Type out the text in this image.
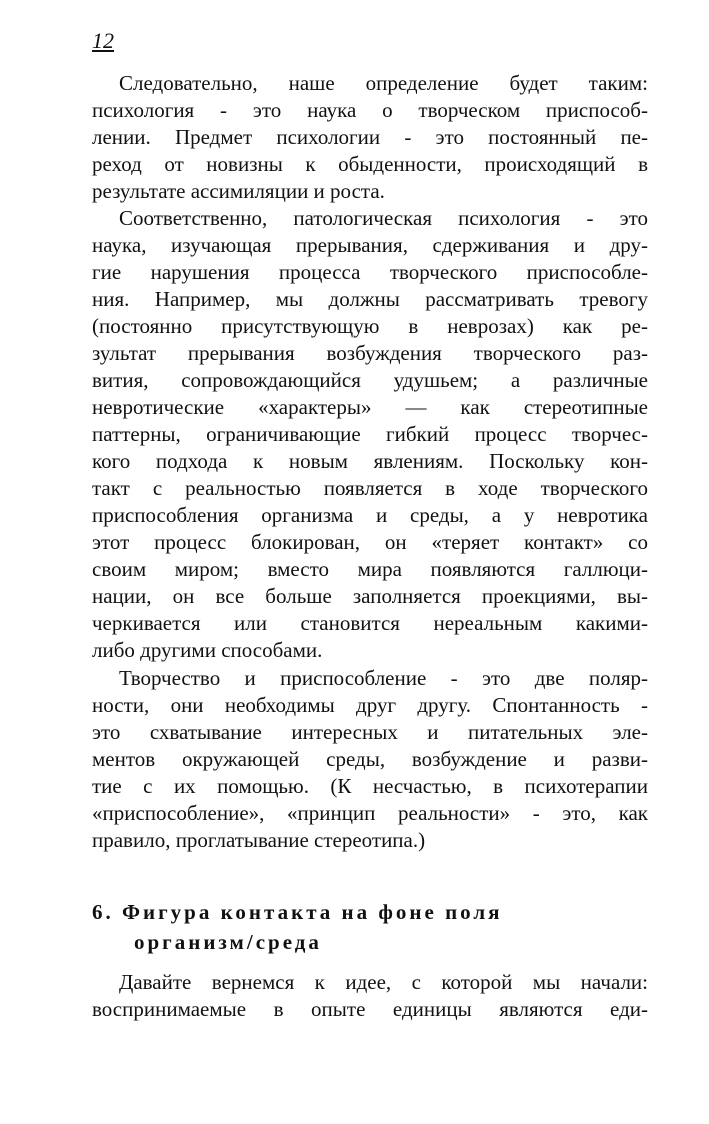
12
Следовательно, наше определение будет таким:
психология - это наука о творческом приспособ-
лении. Предмет психологии - это постоянный пе-
реход от новизны к обыденности, происходящий в
результате ассимиляции и роста.
Соответственно, патологическая психология - это
наука, изучающая прерывания, сдерживания и дру-
гие нарушения процесса творческого приспособле-
ния. Например, мы должны рассматривать тревогу
(постоянно присутствующую в неврозах) как ре-
зультат прерывания возбуждения творческого раз-
вития, сопровождающийся удушьем; а различные
невротические «характеры» — как стереотипные
паттерны, ограничивающие гибкий процесс творчес-
кого подхода к новым явлениям. Поскольку кон-
такт с реальностью появляется в ходе творческого
приспособления организма и среды, а у невротика
этот процесс блокирован, он «теряет контакт» со
своим миром; вместо мира появляются галлюци-
нации, он все больше заполняется проекциями, вы-
черкивается или становится нереальным какими-
либо другими способами.
Творчество и приспособление - это две поляр-
ности, они необходимы друг другу. Спонтанность -
это схватывание интересных и питательных эле-
ментов окружающей среды, возбуждение и разви-
тие с их помощью. (К несчастью, в психотерапии
«приспособление», «принцип реальности» - это, как
правило, проглатывание стереотипа.)
6. Фигура контакта на фоне поля
организм/среда
Давайте вернемся к идее, с которой мы начали:
воспринимаемые в опыте единицы являются еди-
